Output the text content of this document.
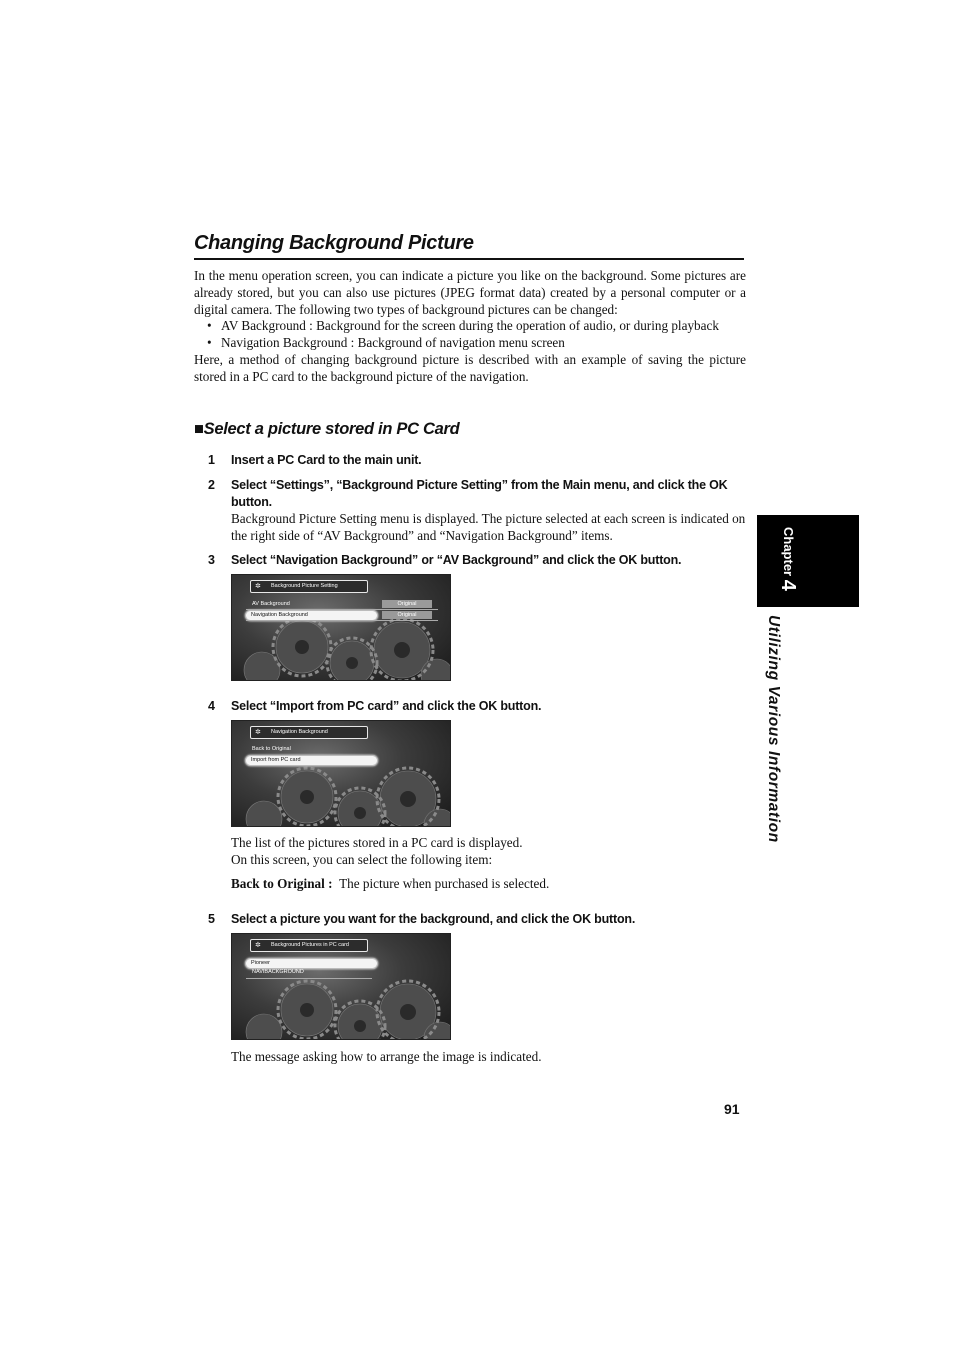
Changing Background Picture

In the menu operation screen, you can indicate a picture you like on the background. Some pictures are already stored, but you can also use pictures (JPEG format data) created by a personal computer or a digital camera. The following two types of background pictures can be changed:

• AV Background : Background for the screen during the operation of audio, or during playback
• Navigation Background : Background of navigation menu screen

Here, a method of changing background picture is described with an example of saving the picture stored in a PC card to the background picture of the navigation.

■Select a picture stored in PC Card
1 Insert a PC Card to the main unit.
2 Select “Settings”, “Background Picture Setting” from the Main menu, and click the OK button.

Background Picture Setting menu is displayed. The picture selected at each screen is indicated on the right side of “AV Background” and “Navigation Background” items.

3 Select “Navigation Background” or “AV Background” and click the OK button.
✲ Background Picture Setting
AV Background
Navigation Background
Original
Original
4 Select “Import from PC card” and click the OK button.
✲ Navigation Background
Back to Original
Import from PC card

The list of the pictures stored in a PC card is displayed.

On this screen, you can select the following item:

Back to Original : The picture when purchased is selected.

5 Select a picture you want for the background, and click the OK button.
✲ Background Pictures in PC card
Pioneer
NAVIBACKGROUND

The message asking how to arrange the image is indicated.

Chapter 4
Utilizing Various Information
91
